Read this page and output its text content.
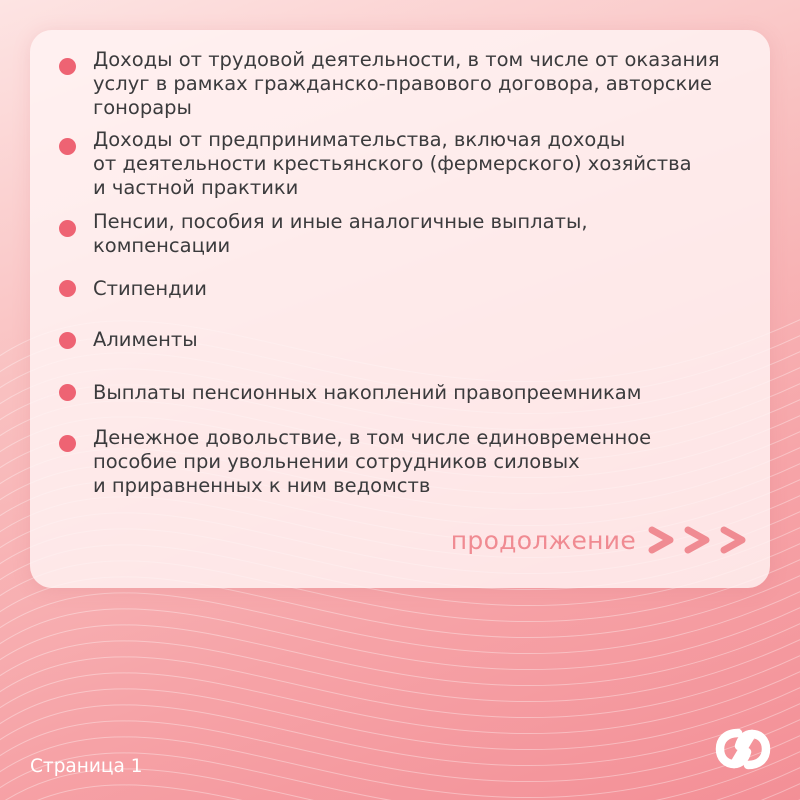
Доходы от трудовой деятельности, в том числе от оказания
услуг в рамках гражданско-правового договора, авторские
гонорары
Доходы от предпринимательства, включая доходы
от деятельности крестьянского (фермерского) хозяйства
и частной практики
Пенсии, пособия и иные аналогичные выплаты,
компенсации
Стипендии
Алименты
Выплаты пенсионных накоплений правопреемникам
Денежное довольствие, в том числе единовременное
пособие при увольнении сотрудников силовых
и приравненных к ним ведомств
продолжение
Страница 1
